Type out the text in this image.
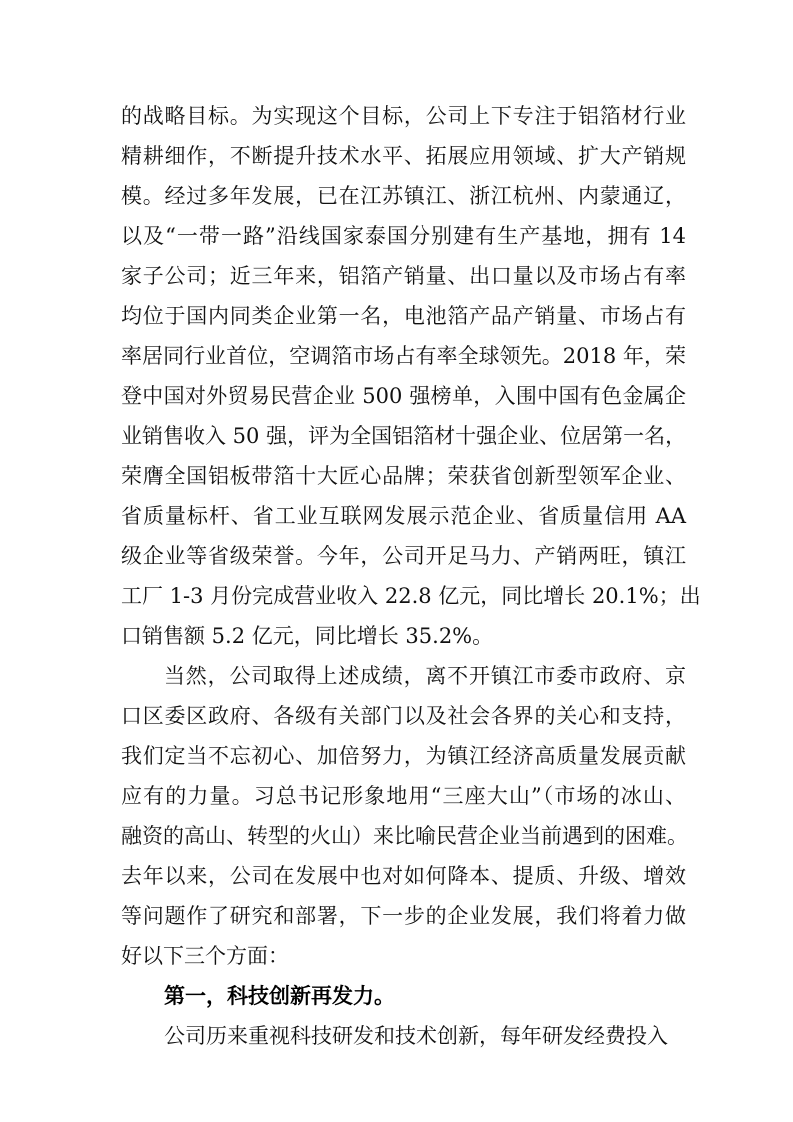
的战略目标。为实现这个目标，公司上下专注于铝箔材行业
精耕细作，不断提升技术水平、拓展应用领域、扩大产销规
模。经过多年发展，已在江苏镇江、浙江杭州、内蒙通辽，
以及“一带一路”沿线国家泰国分别建有生产基地，拥有 14
家子公司；近三年来，铝箔产销量、出口量以及市场占有率
均位于国内同类企业第一名，电池箔产品产销量、市场占有
率居同行业首位，空调箔市场占有率全球领先。2018 年，荣
登中国对外贸易民营企业 500 强榜单，入围中国有色金属企
业销售收入 50 强，评为全国铝箔材十强企业、位居第一名，
荣膺全国铝板带箔十大匠心品牌；荣获省创新型领军企业、
省质量标杆、省工业互联网发展示范企业、省质量信用 AA
级企业等省级荣誉。今年，公司开足马力、产销两旺，镇江
工厂 1-3 月份完成营业收入 22.8 亿元，同比增长 20.1%；出
口销售额 5.2 亿元，同比增长 35.2%。
当然，公司取得上述成绩，离不开镇江市委市政府、京
口区委区政府、各级有关部门以及社会各界的关心和支持，
我们定当不忘初心、加倍努力，为镇江经济高质量发展贡献
应有的力量。习总书记形象地用“三座大山”（市场的冰山、
融资的高山、转型的火山）来比喻民营企业当前遇到的困难。
去年以来，公司在发展中也对如何降本、提质、升级、增效
等问题作了研究和部署，下一步的企业发展，我们将着力做
好以下三个方面：
第一，科技创新再发力。
公司历来重视科技研发和技术创新，每年研发经费投入
